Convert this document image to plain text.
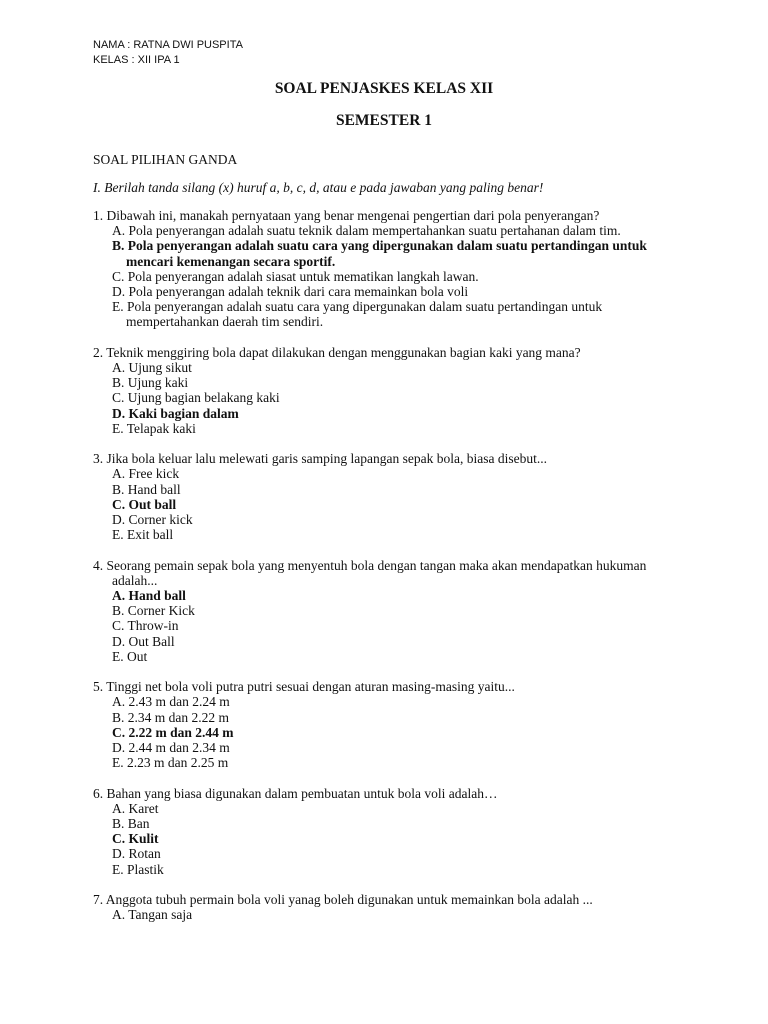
NAMA : RATNA DWI PUSPITA
KELAS : XII IPA 1
SOAL PENJASKES KELAS XII
SEMESTER 1
SOAL PILIHAN GANDA
I. Berilah tanda silang (x) huruf a, b, c, d, atau e pada jawaban yang paling benar!
1. Dibawah ini, manakah pernyataan yang benar mengenai pengertian dari pola penyerangan?
A. Pola penyerangan adalah suatu teknik dalam mempertahankan suatu pertahanan dalam tim.
B. Pola penyerangan adalah suatu cara yang dipergunakan dalam suatu pertandingan untuk mencari kemenangan secara sportif.
C. Pola penyerangan adalah siasat untuk mematikan langkah lawan.
D. Pola penyerangan adalah teknik dari cara memainkan bola voli
E. Pola penyerangan adalah suatu cara yang dipergunakan dalam suatu pertandingan untuk mempertahankan daerah tim sendiri.
2. Teknik menggiring bola dapat dilakukan dengan menggunakan bagian kaki yang mana?
A. Ujung sikut
B. Ujung kaki
C. Ujung bagian belakang kaki
D. Kaki bagian dalam
E. Telapak kaki
3. Jika bola keluar lalu melewati garis samping lapangan sepak bola, biasa disebut...
A. Free kick
B. Hand ball
C. Out ball
D. Corner kick
E. Exit ball
4. Seorang pemain sepak bola yang menyentuh bola dengan tangan maka akan mendapatkan hukuman adalah...
A. Hand ball
B. Corner Kick
C. Throw-in
D. Out Ball
E. Out
5. Tinggi net bola voli putra putri sesuai dengan aturan masing-masing yaitu...
A. 2.43 m dan 2.24 m
B. 2.34 m dan 2.22 m
C. 2.22 m dan 2.44 m
D. 2.44 m dan 2.34 m
E. 2.23 m dan 2.25 m
6. Bahan yang biasa digunakan dalam pembuatan untuk bola voli adalah…
A. Karet
B. Ban
C. Kulit
D. Rotan
E. Plastik
7. Anggota tubuh permain bola voli yanag boleh digunakan untuk memainkan bola adalah ...
A. Tangan saja
